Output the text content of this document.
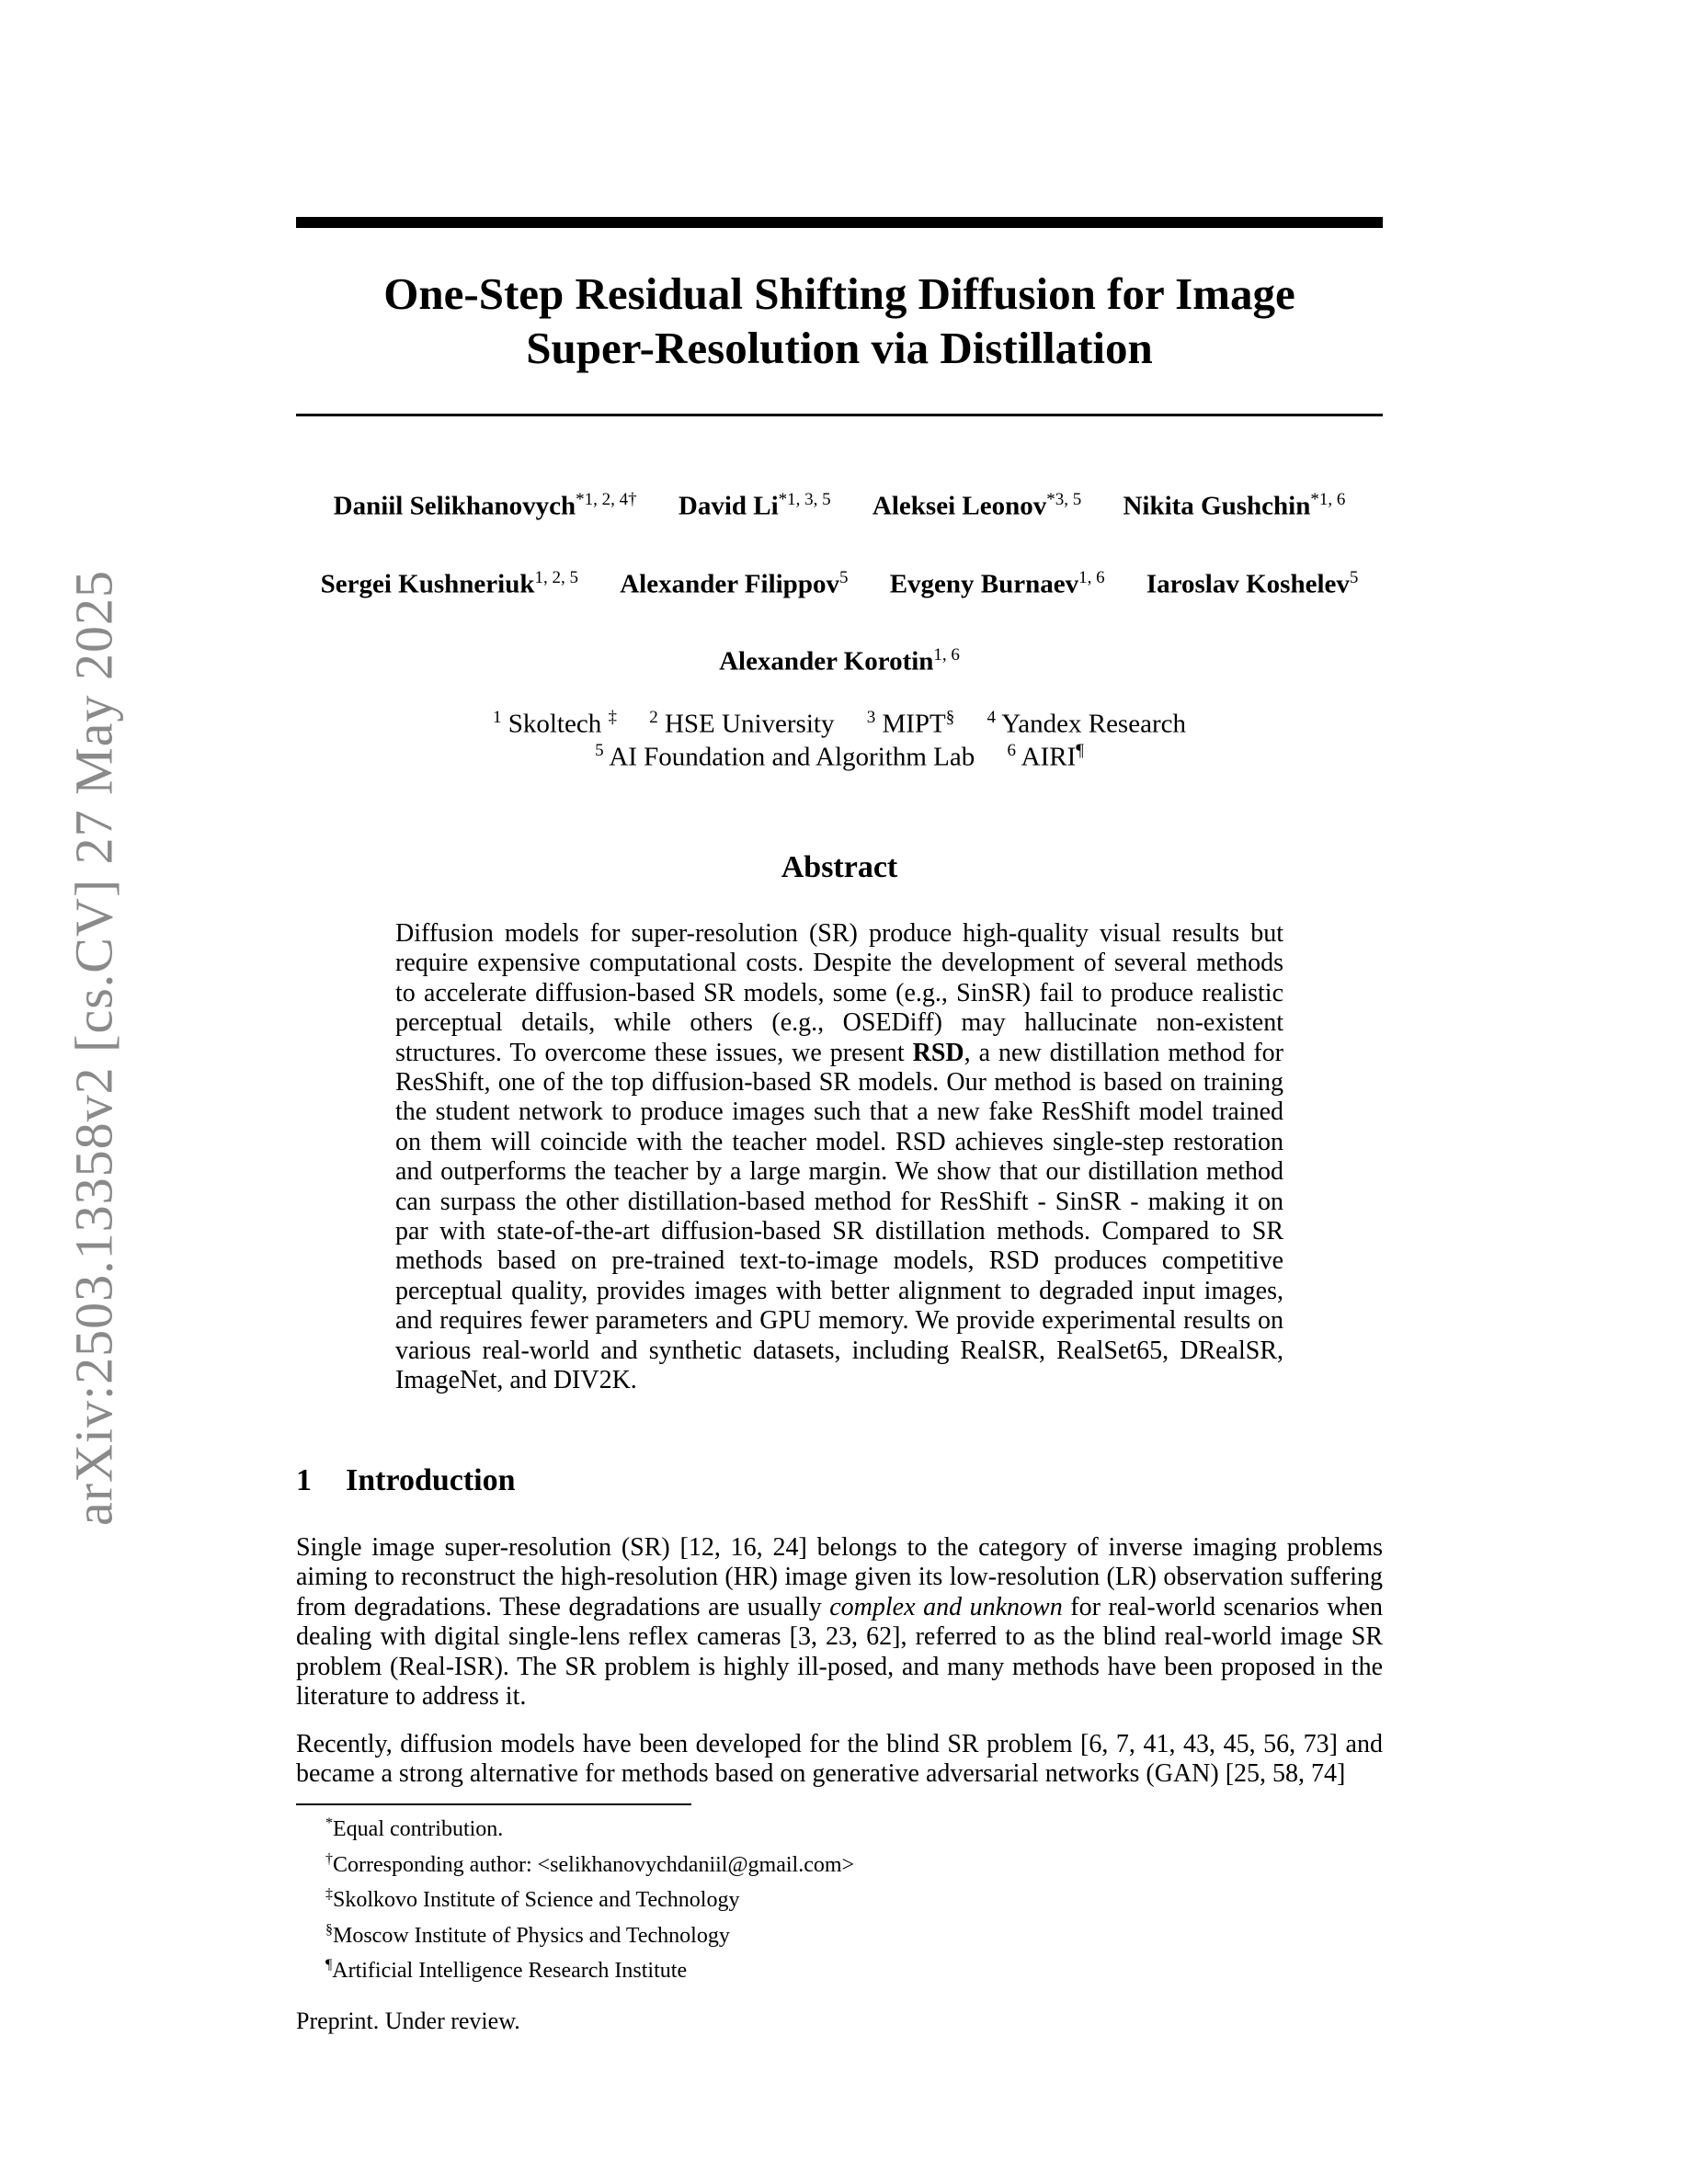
arXiv:2503.13358v2 [cs.CV] 27 May 2025
One-Step Residual Shifting Diffusion for Image
Super-Resolution via Distillation
Daniil Selikhanovych$^{*1, 2, 4\dagger}$ David Li$^{*1, 3, 5}$ Aleksei Leonov$^{*3, 5}$ Nikita Gushchin$^{*1, 6}$
Sergei Kushneriuk$^{1, 2, 5}$ Alexander Filippov$^5$ Evgeny Burnaev$^{1, 6}$ Iaroslav Koshelev$^5$
Alexander Korotin$^{1, 6}$
$^1$ Skoltech ‡ $^2$ HSE University $^3$ MIPT§ $^4$ Yandex Research
$^5$ AI Foundation and Algorithm Lab $^6$ AIRI¶
Abstract
Diffusion models for super-resolution (SR) produce high-quality visual results but require expensive computational costs. Despite the development of several methods to accelerate diffusion-based SR models, some (e.g., SinSR) fail to produce realistic perceptual details, while others (e.g., OSEDiff) may hallucinate non-existent structures. To overcome these issues, we present RSD, a new distillation method for ResShift, one of the top diffusion-based SR models. Our method is based on training the student network to produce images such that a new fake ResShift model trained on them will coincide with the teacher model. RSD achieves single-step restoration and outperforms the teacher by a large margin. We show that our distillation method can surpass the other distillation-based method for ResShift - SinSR - making it on par with state-of-the-art diffusion-based SR distillation methods. Compared to SR methods based on pre-trained text-to-image models, RSD produces competitive perceptual quality, provides images with better alignment to degraded input images, and requires fewer parameters and GPU memory. We provide experimental results on various real-world and synthetic datasets, including RealSR, RealSet65, DRealSR, ImageNet, and DIV2K.
1 Introduction
Single image super-resolution (SR) [12, 16, 24] belongs to the category of inverse imaging problems aiming to reconstruct the high-resolution (HR) image given its low-resolution (LR) observation suffering from degradations. These degradations are usually complex and unknown for real-world scenarios when dealing with digital single-lens reflex cameras [3, 23, 62], referred to as the blind real-world image SR problem (Real-ISR). The SR problem is highly ill-posed, and many methods have been proposed in the literature to address it.
Recently, diffusion models have been developed for the blind SR problem [6, 7, 41, 43, 45, 56, 73] and became a strong alternative for methods based on generative adversarial networks (GAN) [25, 58, 74]
*Equal contribution.
†Corresponding author: <selikhanovychdaniil@gmail.com>
‡Skolkovo Institute of Science and Technology
§Moscow Institute of Physics and Technology
¶Artificial Intelligence Research Institute
Preprint. Under review.
